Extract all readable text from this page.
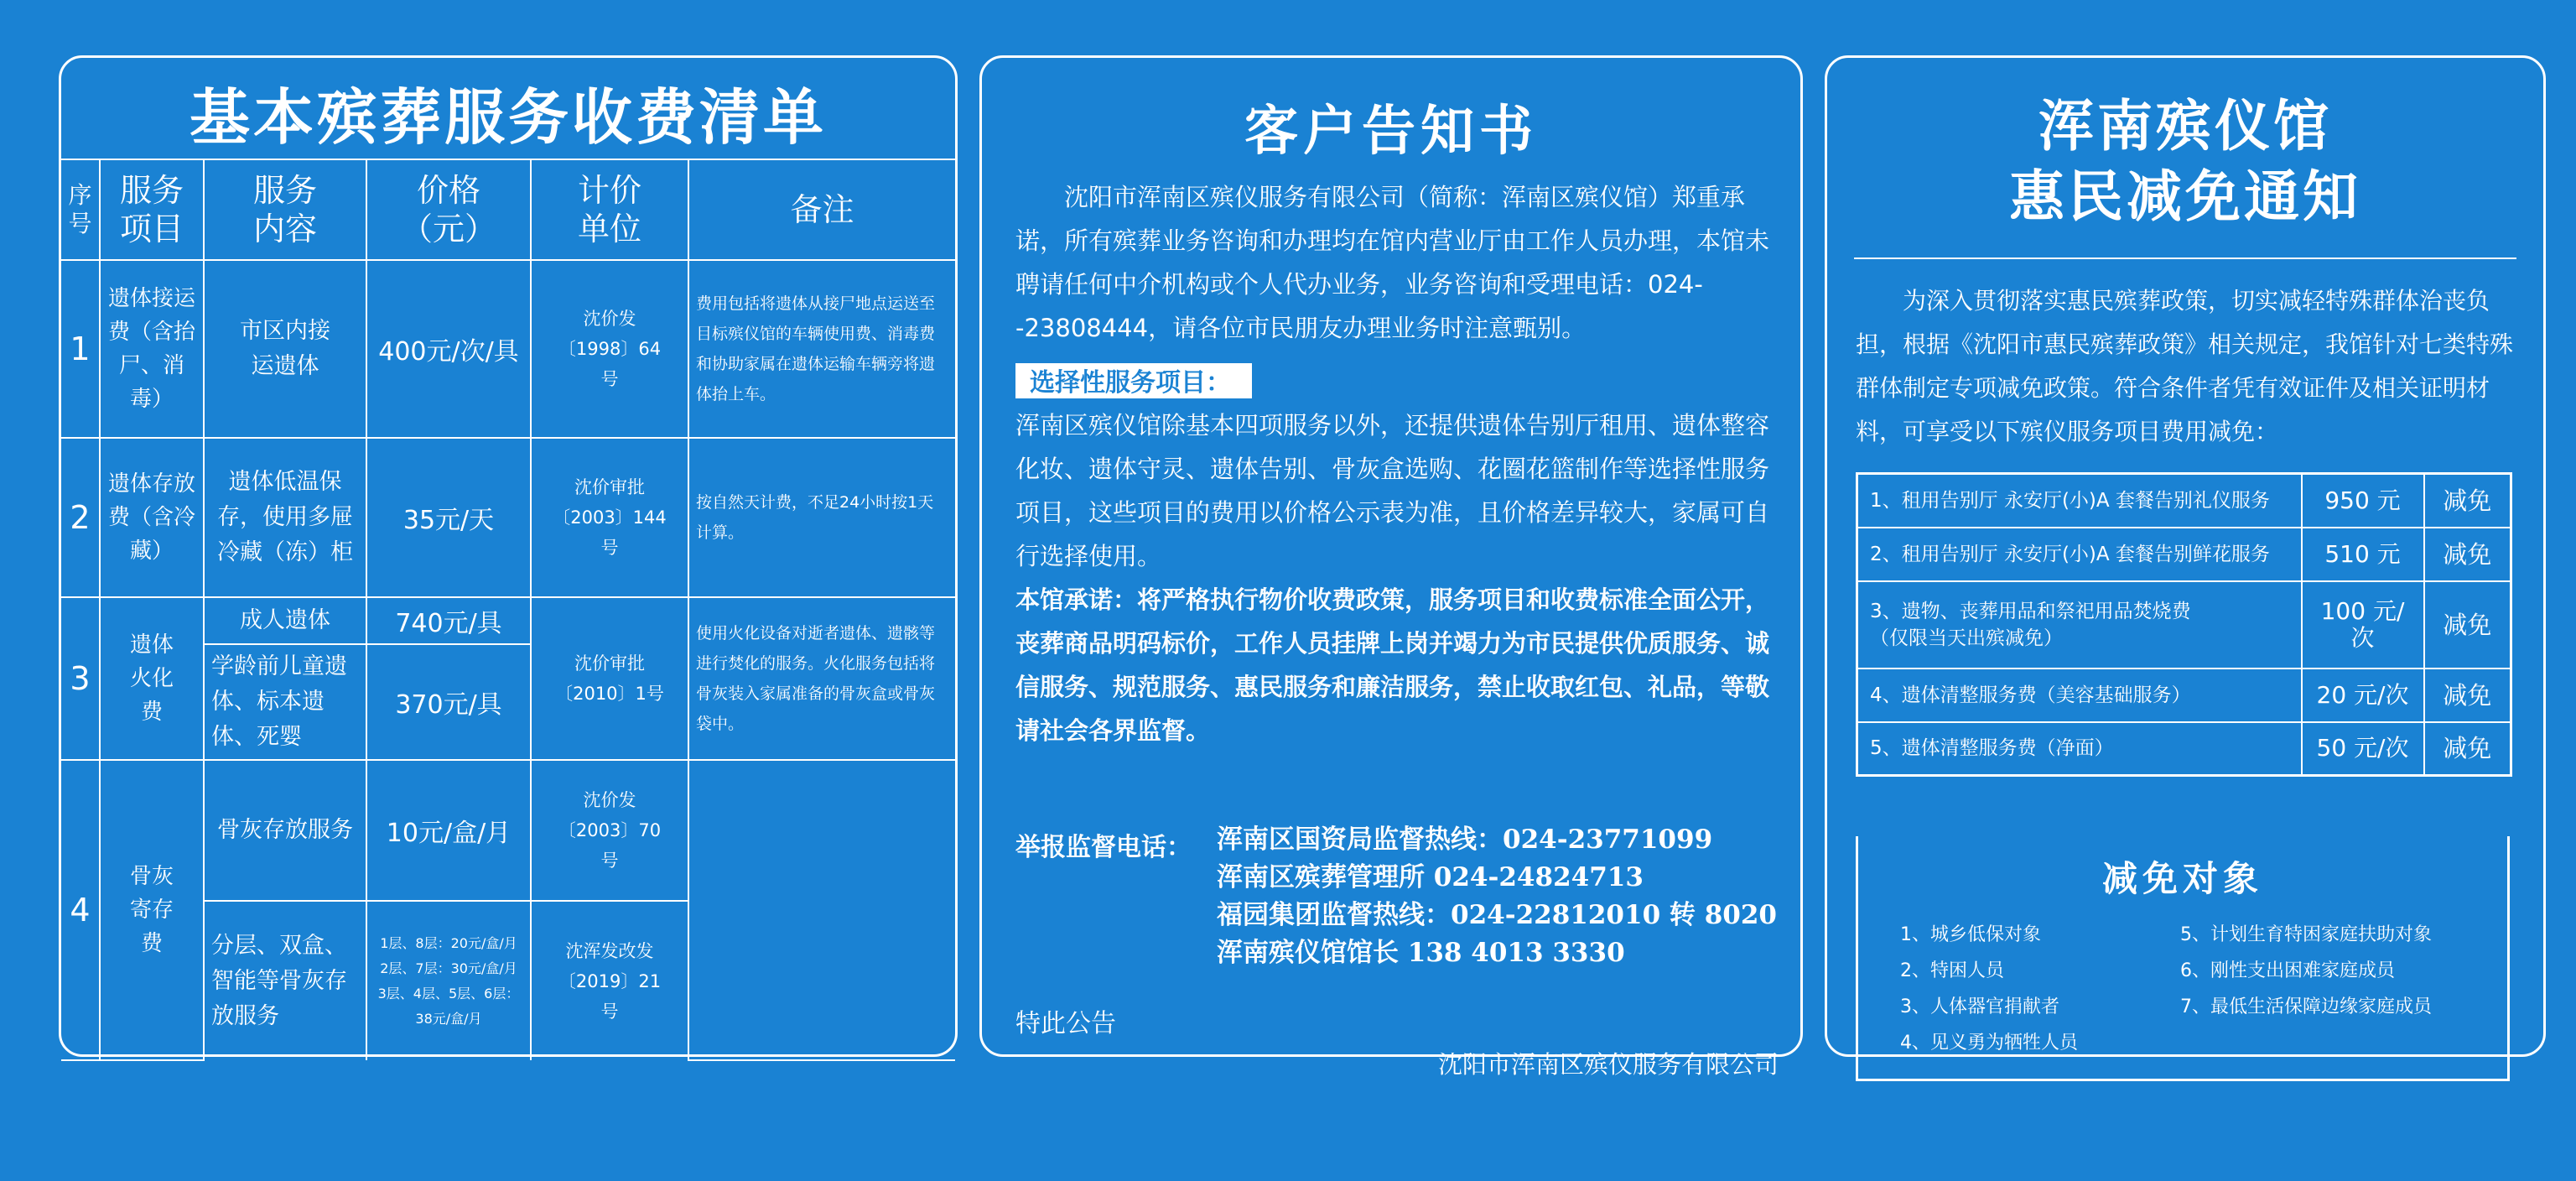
基本殡葬服务收费清单
序号	服务项目	服务内容	价格（元）	计价单位	备注
1	遗体接运费（含抬尸、消毒）	市区内接运遗体	400元/次/具	沈价发〔1998〕64号	费用包括将遗体从接尸地点运送至目标殡仪馆的车辆使用费、消毒费和协助家属在遗体运输车辆旁将遗体抬上车。
2	遗体存放费（含冷藏）	遗体低温保存，使用多屉冷藏（冻）柜	35元/天	沈价审批〔2003〕144号	按自然天计费，不足24小时按1天计算。
3	遗体火化费	成人遗体	740元/具	沈价审批〔2010〕1号	使用火化设备对逝者遗体、遗骸等进行焚化的服务。火化服务包括将骨灰装入家属准备的骨灰盒或骨灰袋中。
		学龄前儿童遗体、标本遗体、死婴	370元/具		
4	骨灰寄存费	骨灰存放服务	10元/盒/月	沈价发〔2003〕70号	
		分层、双盒、智能等骨灰存放服务	1层、8层：20元/盒/月 2层、7层：30元/盒/月 3层、4层、5层、6层：38元/盒/月	沈浑发改发〔2019〕21号	
客户告知书
沈阳市浑南区殡仪服务有限公司（简称：浑南区殡仪馆）郑重承诺，所有殡葬业务咨询和办理均在馆内营业厅由工作人员办理，本馆未聘请任何中介机构或个人代办业务，业务咨询和受理电话：024--23808444，请各位市民朋友办理业务时注意甄别。
选择性服务项目：
浑南区殡仪馆除基本四项服务以外，还提供遗体告别厅租用、遗体整容化妆、遗体守灵、遗体告别、骨灰盒选购、花圈花篮制作等选择性服务项目，这些项目的费用以价格公示表为准，且价格差异较大，家属可自行选择使用。
本馆承诺：将严格执行物价收费政策，服务项目和收费标准全面公开，丧葬商品明码标价，工作人员挂牌上岗并竭力为市民提供优质服务、诚信服务、规范服务、惠民服务和廉洁服务，禁止收取红包、礼品，等敬请社会各界监督。
举报监督电话： 浑南区国资局监督热线：024-23771099
浑南区殡葬管理所 024-24824713
福园集团监督热线：024-22812010 转 8020
浑南殡仪馆馆长 138 4013 3330
特此公告
沈阳市浑南区殡仪服务有限公司
浑南殡仪馆
惠民减免通知
为深入贯彻落实惠民殡葬政策，切实减轻特殊群体治丧负担，根据《沈阳市惠民殡葬政策》相关规定，我馆针对七类特殊群体制定专项减免政策。符合条件者凭有效证件及相关证明材料，可享受以下殡仪服务项目费用减免：
1、租用告别厅 永安厅(小)A 套餐告别礼仪服务	950 元	减免
2、租用告别厅 永安厅(小)A 套餐告别鲜花服务	510 元	减免

3、遗物、丧葬用品和祭祀用品焚烧费
（仅限当天出殡减免）	100 元/次	减免
4、遗体清整服务费（美容基础服务）	20 元/次	减免
5、遗体清整服务费（净面）	50 元/次	减免
减免对象
1、城乡低保对象
2、特困人员
3、人体器官捐献者
4、见义勇为牺牲人员
5、计划生育特困家庭扶助对象
6、刚性支出困难家庭成员
7、最低生活保障边缘家庭成员
